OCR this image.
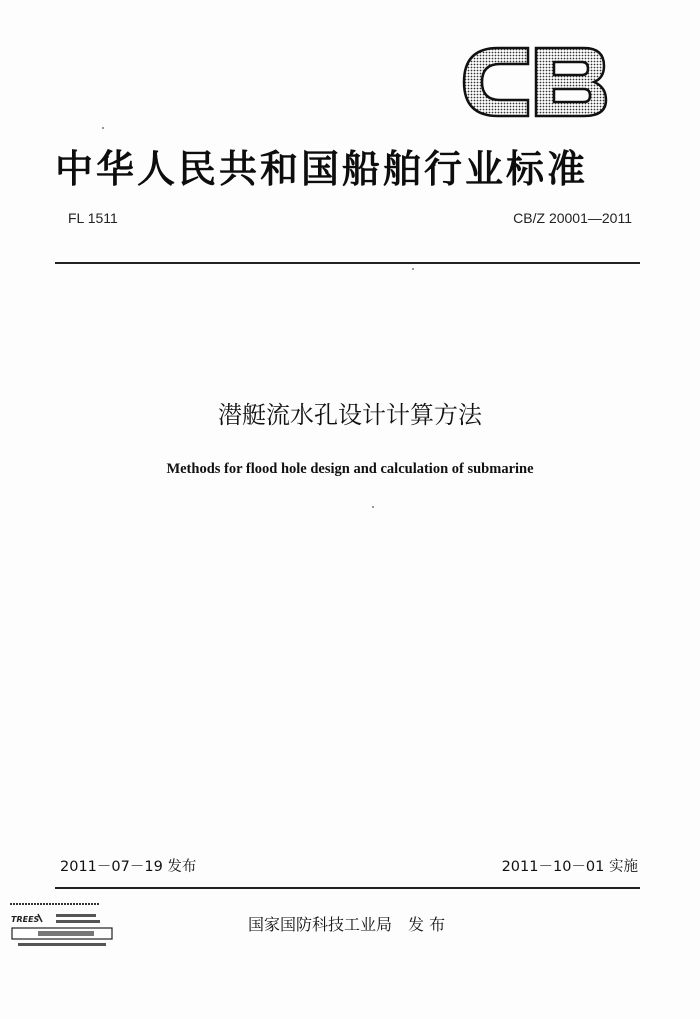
中华人民共和国船舶行业标准
FL 1511	CB/Z 20001—2011
潜艇流水孔设计计算方法
Methods for flood hole design and calculation of submarine
2011－07－19 发布	2011－10－01 实施
国家国防科技工业局 发 布
TREES
